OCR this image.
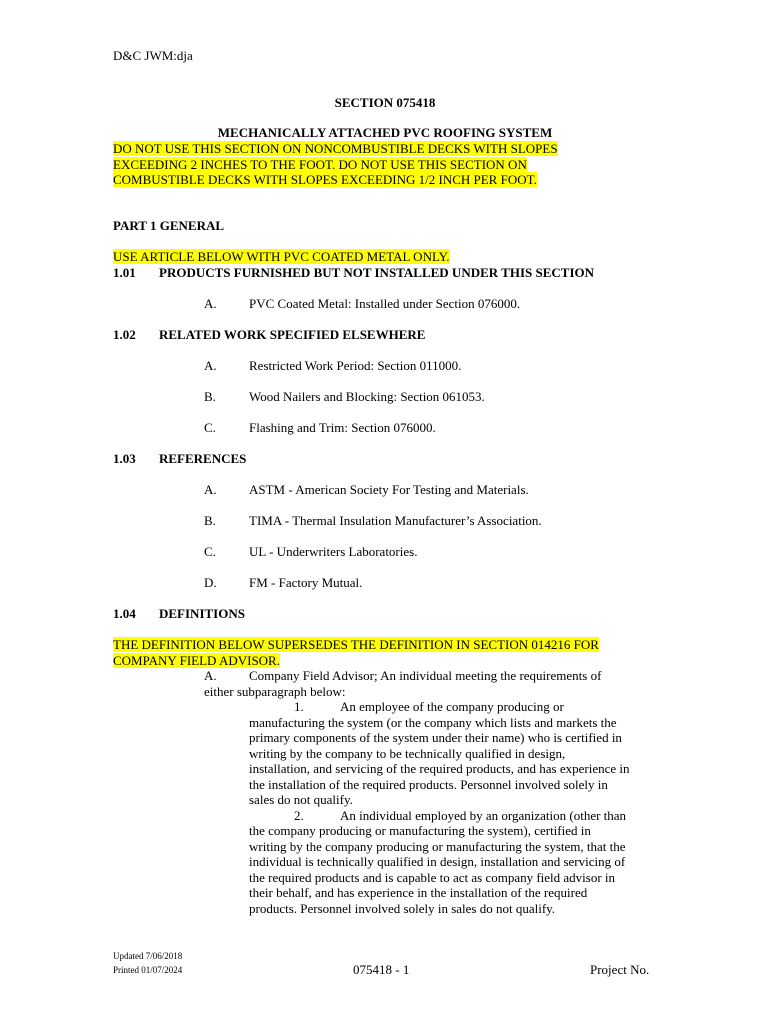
D&C JWM:dja
SECTION 075418
MECHANICALLY ATTACHED PVC ROOFING SYSTEM
DO NOT USE THIS SECTION ON NONCOMBUSTIBLE DECKS WITH SLOPES
EXCEEDING 2 INCHES TO THE FOOT. DO NOT USE THIS SECTION ON
COMBUSTIBLE DECKS WITH SLOPES EXCEEDING 1/2 INCH PER FOOT.
PART 1 GENERAL
USE ARTICLE BELOW WITH PVC COATED METAL ONLY.
1.01 PRODUCTS FURNISHED BUT NOT INSTALLED UNDER THIS SECTION
A. PVC Coated Metal: Installed under Section 076000.
1.02 RELATED WORK SPECIFIED ELSEWHERE
A. Restricted Work Period: Section 011000.
B.	Wood Nailers and Blocking: Section 061053.
C.	Flashing and Trim: Section 076000.
1.03 REFERENCES
A. ASTM - American Society For Testing and Materials.
B.	TIMA - Thermal Insulation Manufacturer’s Association.
C.	UL - Underwriters Laboratories.
D. FM - Factory Mutual.
1.04 DEFINITIONS
THE DEFINITION BELOW SUPERSEDES THE DEFINITION IN SECTION 014216 FOR
COMPANY FIELD ADVISOR.
A. Company Field Advisor; An individual meeting the requirements of
either subparagraph below:
1.	An employee of the company producing or
manufacturing the system (or the company which lists and markets the
primary components of the system under their name) who is certified in
writing by the company to be technically qualified in design,
installation, and servicing of the required products, and has experience in
the installation of the required products. Personnel involved solely in
sales do not qualify.
2.	An individual employed by an organization (other than
the company producing or manufacturing the system), certified in
writing by the company producing or manufacturing the system, that the
individual is technically qualified in design, installation and servicing of
the required products and is capable to act as company field advisor in
their behalf, and has experience in the installation of the required
products. Personnel involved solely in sales do not qualify.
Updated 7/06/2018
Printed 01/07/2024	075418 - 1	Project No.
